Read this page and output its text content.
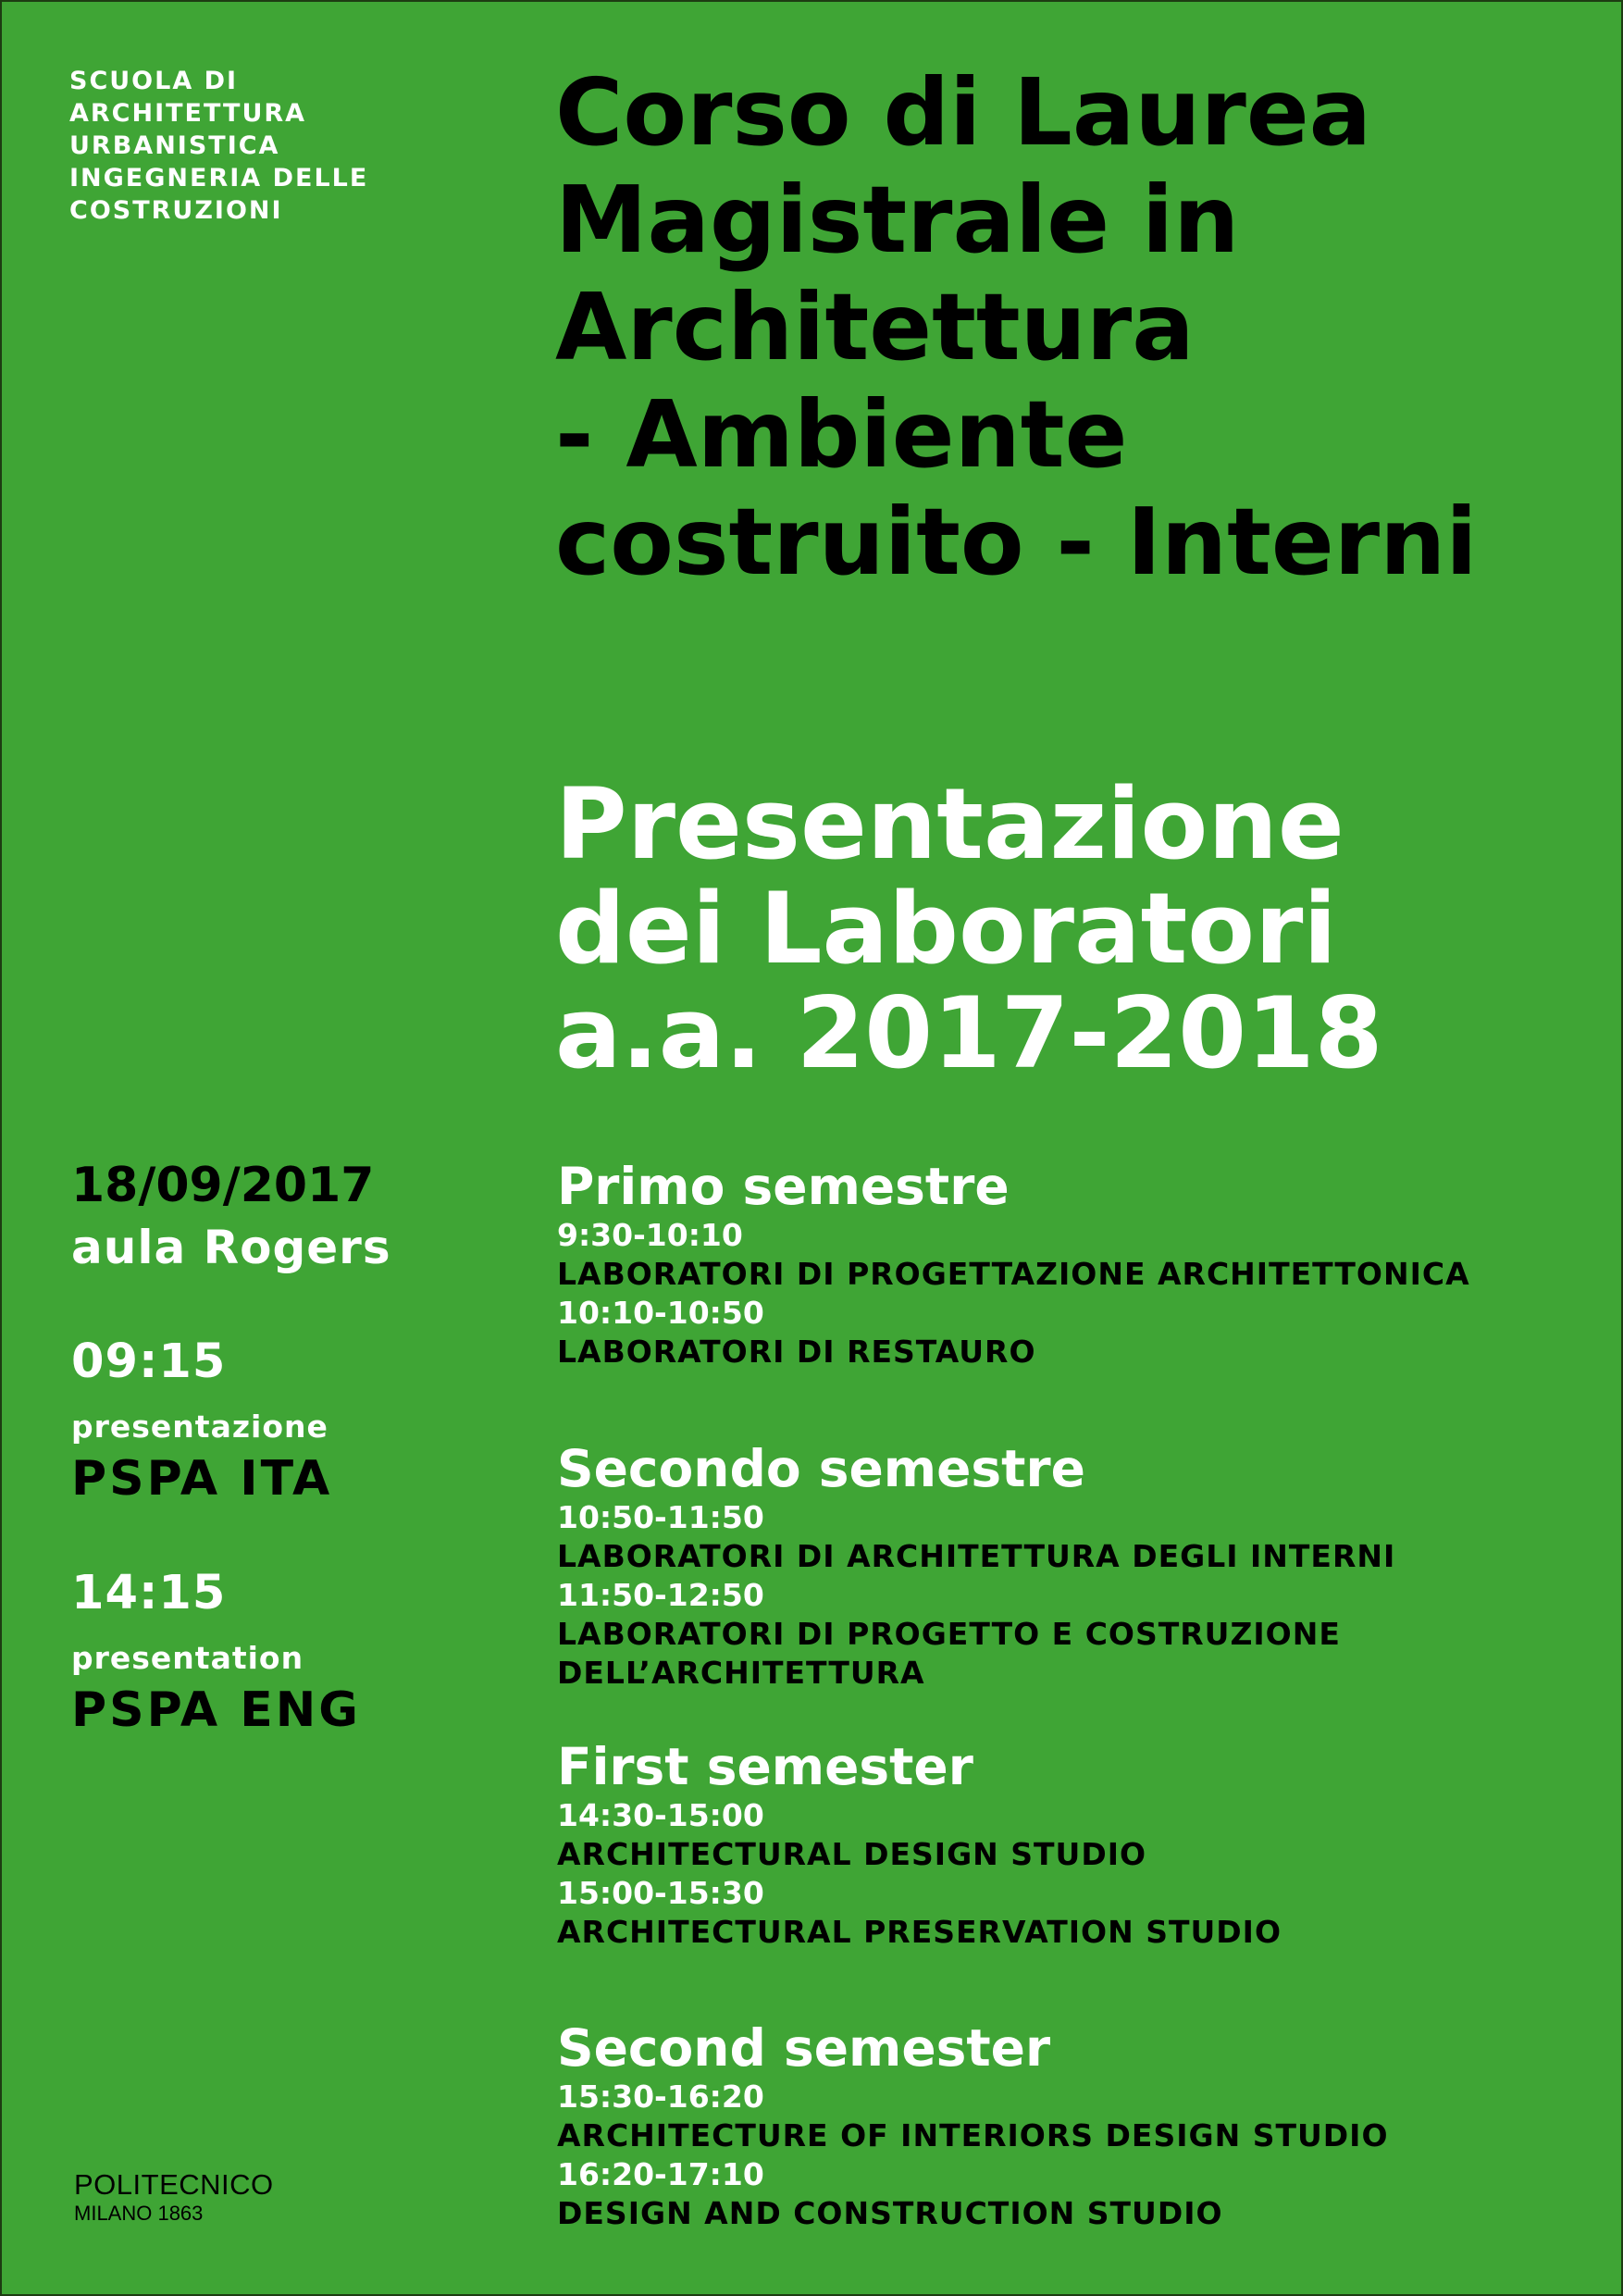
SCUOLA DI
ARCHITETTURA
URBANISTICA
INGEGNERIA DELLE
COSTRUZIONI
Corso di Laurea
Magistrale in
Architettura
- Ambiente
costruito - Interni
Presentazione
dei Laboratori
a.a. 2017-2018
18/09/2017
aula Rogers
09:15
presentazione
PSPA ITA
14:15
presentation
PSPA ENG
Primo semestre
9:30-10:10
LABORATORI DI PROGETTAZIONE ARCHITETTONICA
10:10-10:50
LABORATORI DI RESTAURO
Secondo semestre
10:50-11:50
LABORATORI DI ARCHITETTURA DEGLI INTERNI
11:50-12:50
LABORATORI DI PROGETTO E COSTRUZIONE
DELL’ARCHITETTURA
First semester
14:30-15:00
ARCHITECTURAL DESIGN STUDIO
15:00-15:30
ARCHITECTURAL PRESERVATION STUDIO
Second semester
15:30-16:20
ARCHITECTURE OF INTERIORS DESIGN STUDIO
16:20-17:10
DESIGN AND CONSTRUCTION STUDIO
POLITECNICO
MILANO 1863
